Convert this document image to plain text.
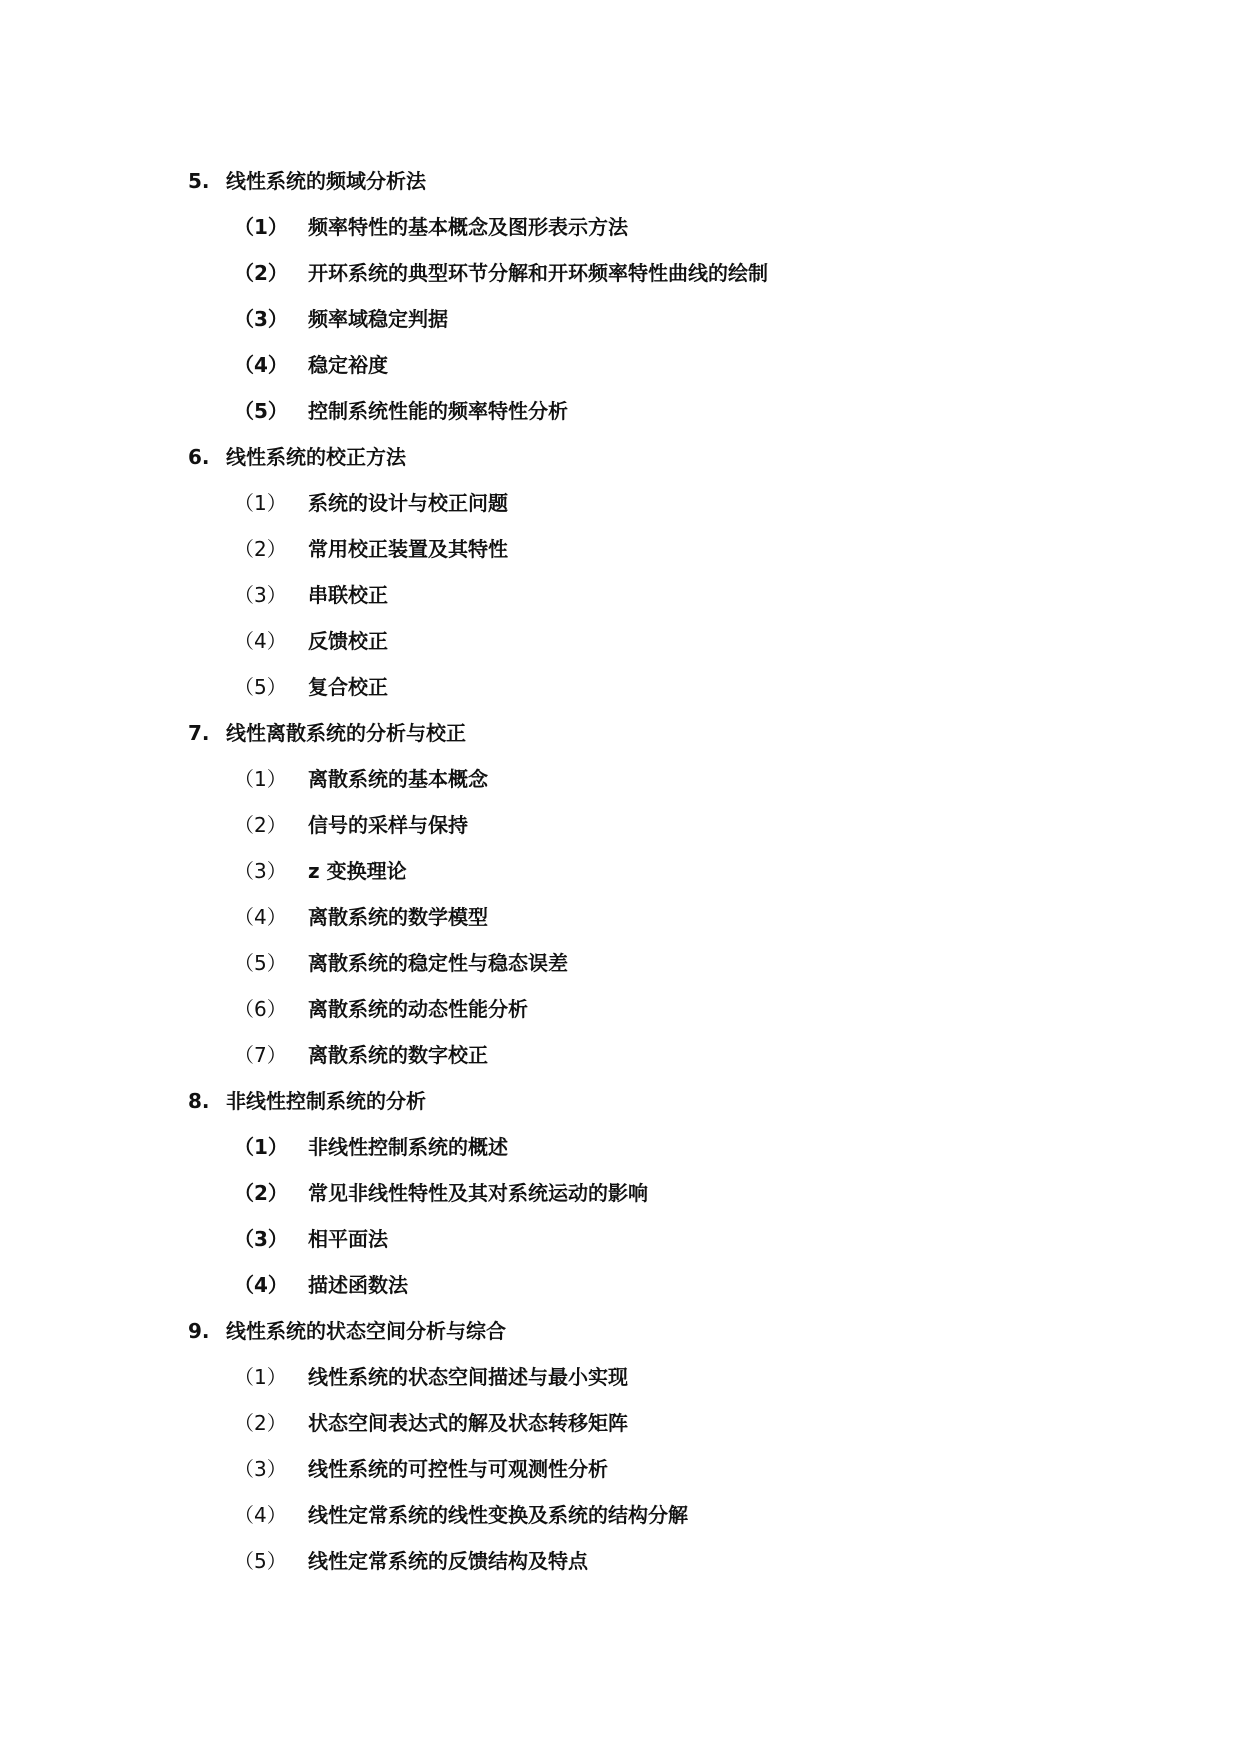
5. 线性系统的频域分析法
（1） 频率特性的基本概念及图形表示方法
（2） 开环系统的典型环节分解和开环频率特性曲线的绘制
（3） 频率域稳定判据
（4） 稳定裕度
（5） 控制系统性能的频率特性分析
6. 线性系统的校正方法
（1） 系统的设计与校正问题
（2） 常用校正装置及其特性
（3） 串联校正
（4） 反馈校正
（5） 复合校正
7. 线性离散系统的分析与校正
（1） 离散系统的基本概念
（2） 信号的采样与保持
（3） z 变换理论
（4） 离散系统的数学模型
（5） 离散系统的稳定性与稳态误差
（6） 离散系统的动态性能分析
（7） 离散系统的数字校正
8. 非线性控制系统的分析
（1） 非线性控制系统的概述
（2） 常见非线性特性及其对系统运动的影响
（3） 相平面法
（4） 描述函数法
9. 线性系统的状态空间分析与综合
（1） 线性系统的状态空间描述与最小实现
（2） 状态空间表达式的解及状态转移矩阵
（3） 线性系统的可控性与可观测性分析
（4） 线性定常系统的线性变换及系统的结构分解
（5） 线性定常系统的反馈结构及特点
